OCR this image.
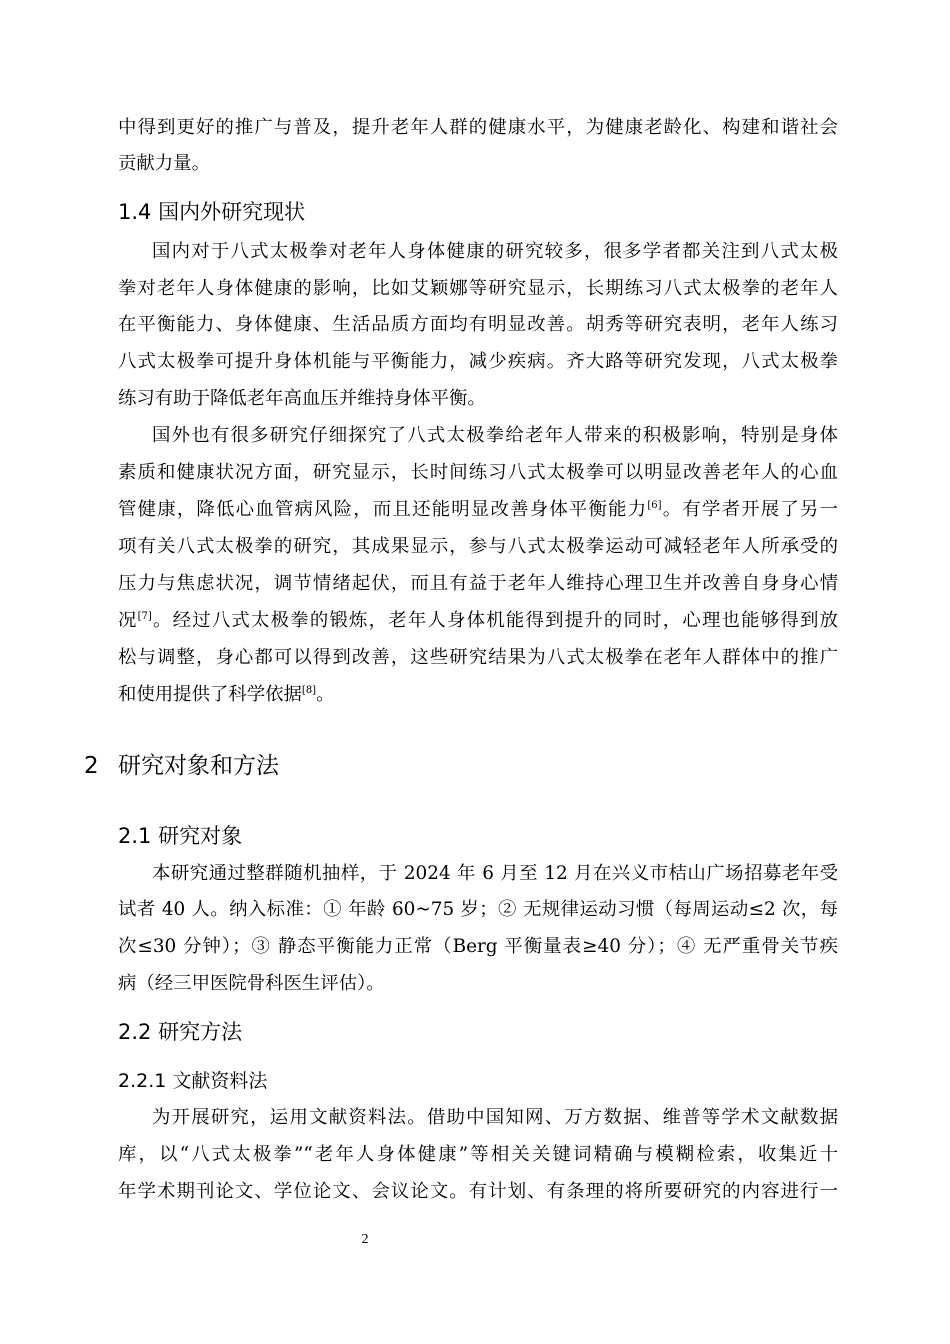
中得到更好的推广与普及，提升老年人群的健康水平，为健康老龄化、构建和谐社会
贡献力量。
1.4 国内外研究现状
国内对于八式太极拳对老年人身体健康的研究较多，很多学者都关注到八式太极
拳对老年人身体健康的影响，比如艾颖娜等研究显示，长期练习八式太极拳的老年人
在平衡能力、身体健康、生活品质方面均有明显改善。胡秀等研究表明，老年人练习
八式太极拳可提升身体机能与平衡能力，减少疾病。齐大路等研究发现，八式太极拳
练习有助于降低老年高血压并维持身体平衡。
国外也有很多研究仔细探究了八式太极拳给老年人带来的积极影响，特别是身体
素质和健康状况方面，研究显示，长时间练习八式太极拳可以明显改善老年人的心血
管健康，降低心血管病风险，而且还能明显改善身体平衡能力[6]。有学者开展了另一
项有关八式太极拳的研究，其成果显示，参与八式太极拳运动可减轻老年人所承受的
压力与焦虑状况，调节情绪起伏，而且有益于老年人维持心理卫生并改善自身身心情
况[7]。经过八式太极拳的锻炼，老年人身体机能得到提升的同时，心理也能够得到放
松与调整，身心都可以得到改善，这些研究结果为八式太极拳在老年人群体中的推广
和使用提供了科学依据[8]。
2 研究对象和方法
2.1 研究对象
本研究通过整群随机抽样，于 2024 年 6 月至 12 月在兴义市桔山广场招募老年受
试者 40 人。纳入标准：① 年龄 60~75 岁；② 无规律运动习惯（每周运动≤2 次，每
次≤30 分钟）；③ 静态平衡能力正常（Berg 平衡量表≥40 分）；④ 无严重骨关节疾
病（经三甲医院骨科医生评估）。
2.2 研究方法
2.2.1 文献资料法
为开展研究，运用文献资料法。借助中国知网、万方数据、维普等学术文献数据
库，以“八式太极拳”“老年人身体健康”等相关关键词精确与模糊检索，收集近十
年学术期刊论文、学位论文、会议论文。有计划、有条理的将所要研究的内容进行一
2
